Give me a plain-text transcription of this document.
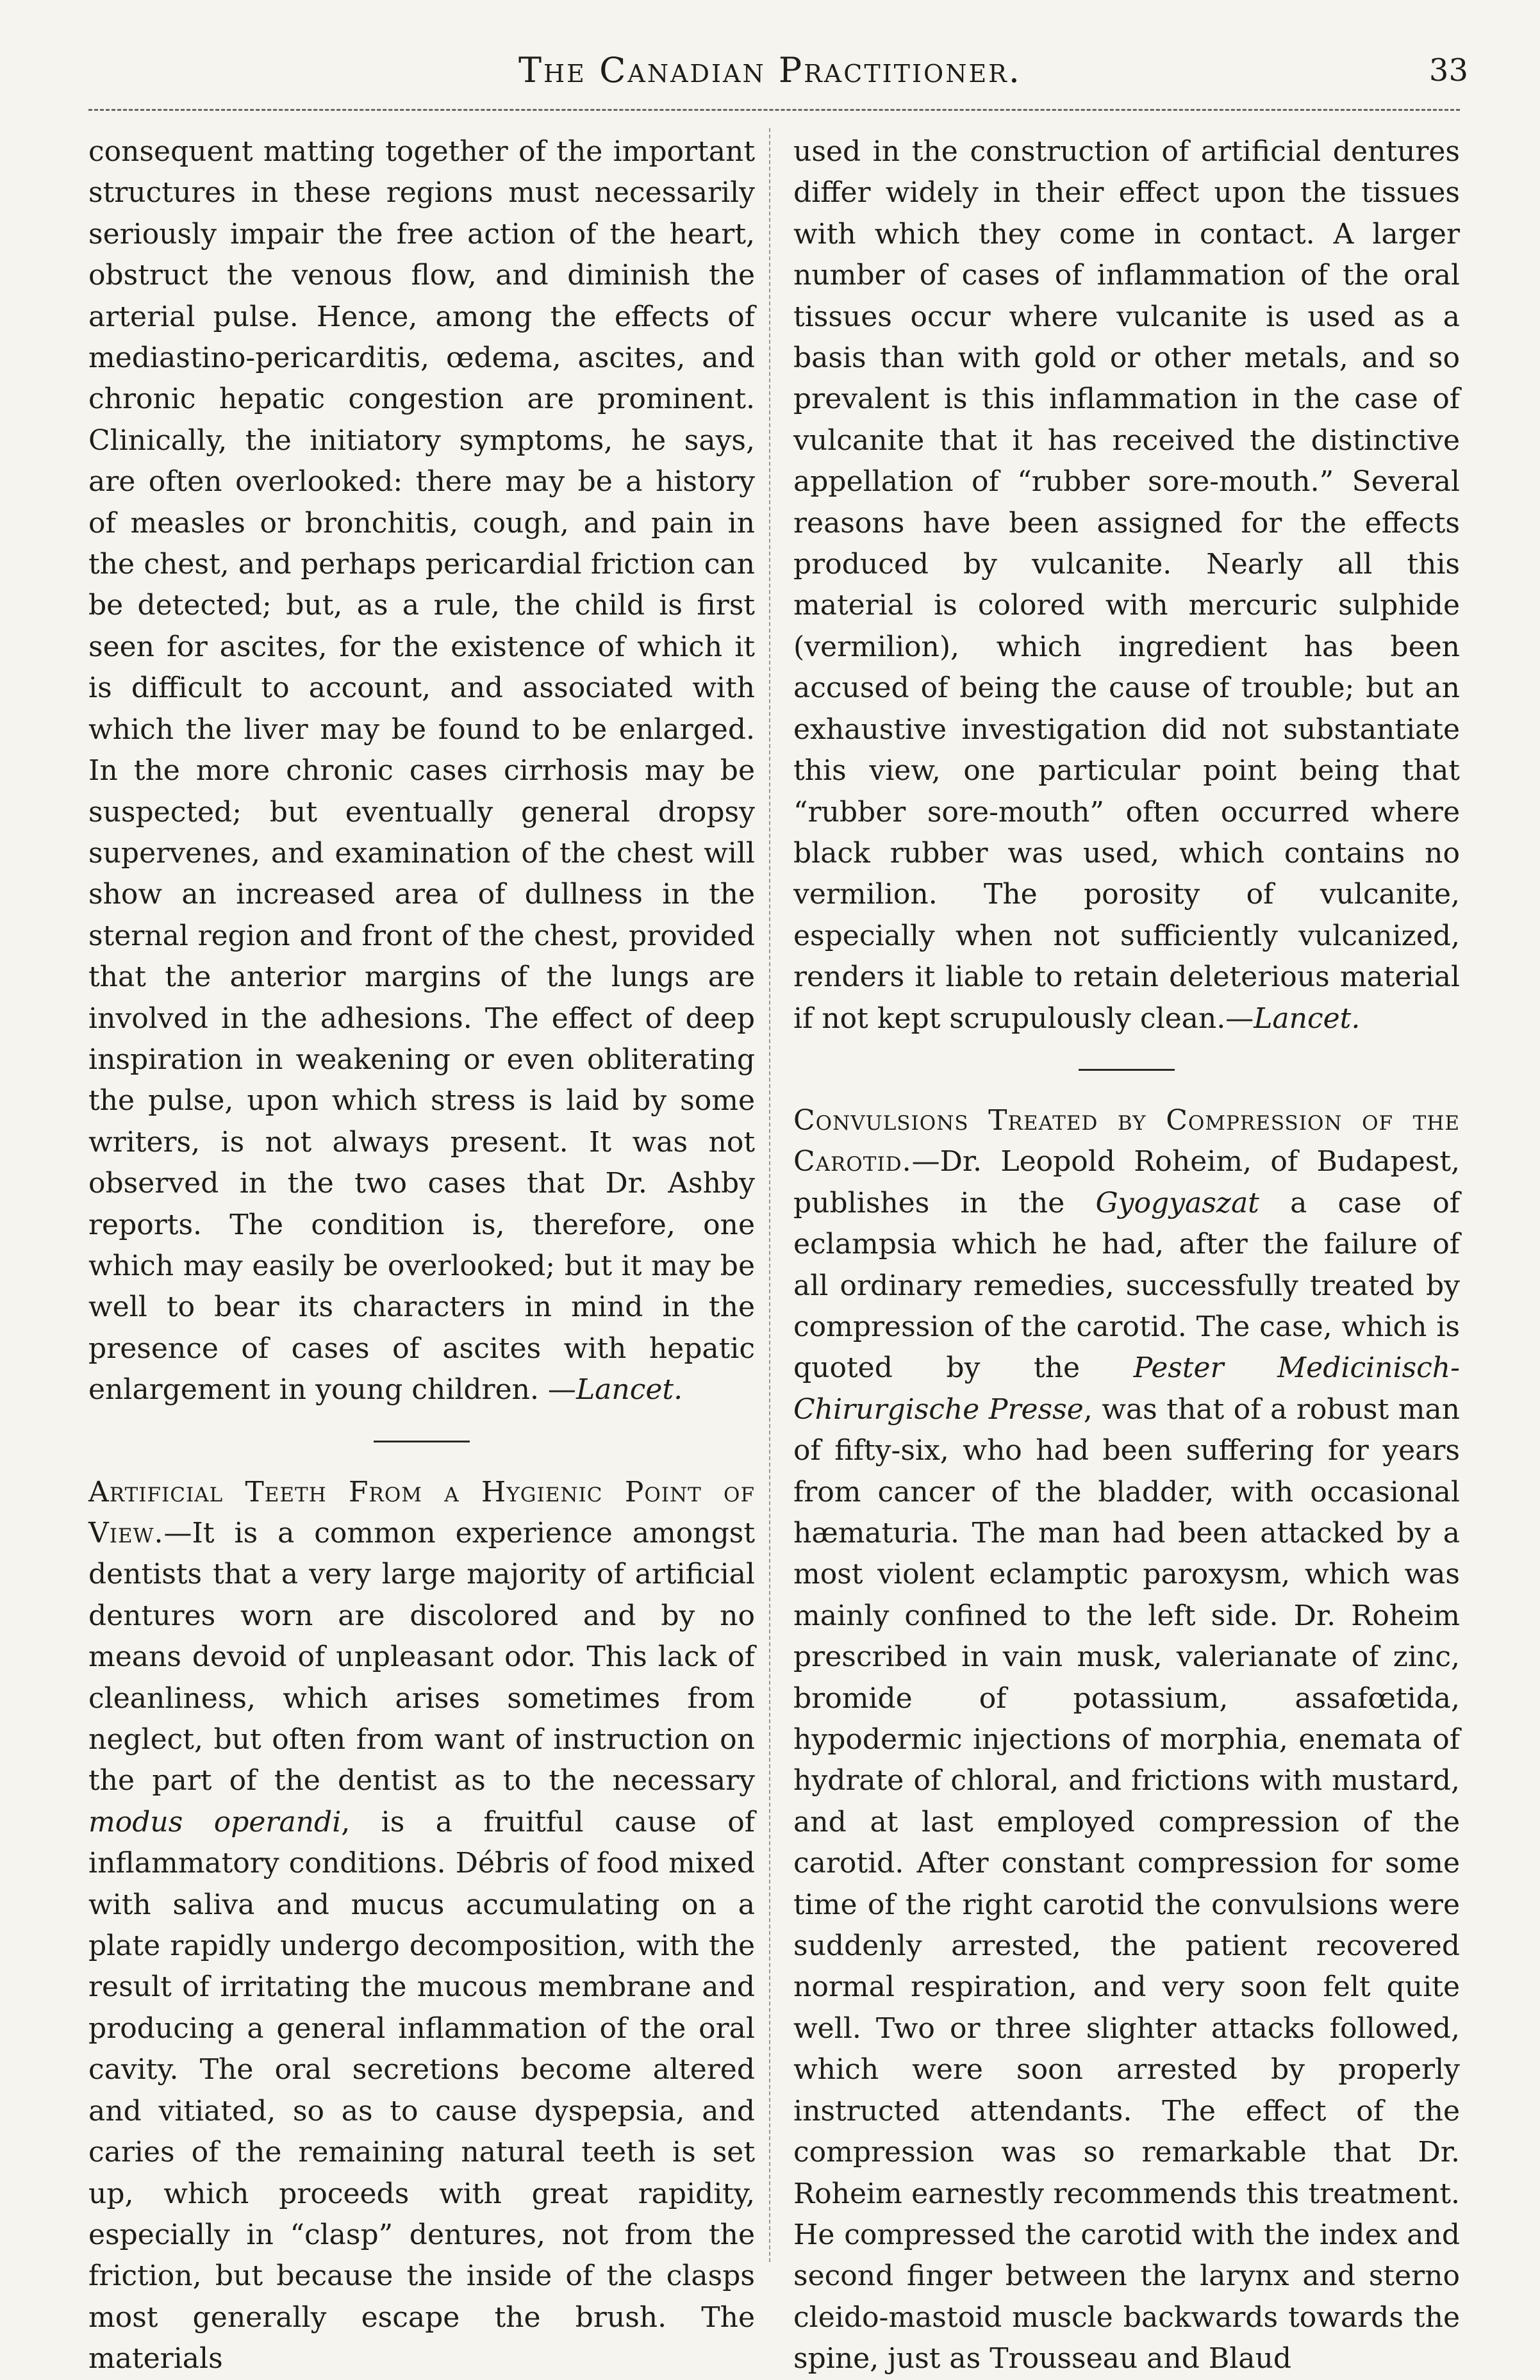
The Canadian Practitioner.	33

consequent matting together of the important structures in these regions must necessarily seriously impair the free action of the heart, obstruct the venous flow, and diminish the arterial pulse. Hence, among the effects of mediastino-pericarditis, œdema, ascites, and chronic hepatic congestion are prominent. Clinically, the initiatory symptoms, he says, are often overlooked: there may be a history of measles or bronchitis, cough, and pain in the chest, and perhaps pericardial friction can be detected; but, as a rule, the child is first seen for ascites, for the existence of which it is difficult to account, and associated with which the liver may be found to be enlarged. In the more chronic cases cirrhosis may be suspected; but eventually general dropsy supervenes, and examination of the chest will show an increased area of dullness in the sternal region and front of the chest, provided that the anterior margins of the lungs are involved in the adhesions. The effect of deep inspiration in weakening or even obliterating the pulse, upon which stress is laid by some writers, is not always present. It was not observed in the two cases that Dr. Ashby reports. The condition is, therefore, one which may easily be overlooked; but it may be well to bear its characters in mind in the presence of cases of ascites with hepatic enlargement in young children. —Lancet.

Artificial Teeth From a Hygienic Point of View.—It is a common experience amongst dentists that a very large majority of artificial dentures worn are discolored and by no means devoid of unpleasant odor. This lack of cleanliness, which arises sometimes from neglect, but often from want of instruction on the part of the dentist as to the necessary modus operandi, is a fruitful cause of inflammatory conditions. Débris of food mixed with saliva and mucus accumulating on a plate rapidly undergo decomposition, with the result of irritating the mucous membrane and producing a general inflammation of the oral cavity. The oral secretions become altered and vitiated, so as to cause dyspepsia, and caries of the remaining natural teeth is set up, which proceeds with great rapidity, especially in “clasp” dentures, not from the friction, but because the inside of the clasps most generally escape the brush. The materials

used in the construction of artificial dentures differ widely in their effect upon the tissues with which they come in contact. A larger number of cases of inflammation of the oral tissues occur where vulcanite is used as a basis than with gold or other metals, and so prevalent is this inflammation in the case of vulcanite that it has received the distinctive appellation of “rubber sore-mouth.” Several reasons have been assigned for the effects produced by vulcanite. Nearly all this material is colored with mercuric sulphide (vermilion), which ingredient has been accused of being the cause of trouble; but an exhaustive investigation did not substantiate this view, one particular point being that “rubber sore-mouth” often occurred where black rubber was used, which contains no vermilion. The porosity of vulcanite, especially when not sufficiently vulcanized, renders it liable to retain deleterious material if not kept scrupulously clean.—Lancet.

Convulsions Treated by Compression of the Carotid.—Dr. Leopold Roheim, of Budapest, publishes in the Gyogyaszat a case of eclampsia which he had, after the failure of all ordinary remedies, successfully treated by compression of the carotid. The case, which is quoted by the Pester Medicinisch-Chirurgische Presse, was that of a robust man of fifty-six, who had been suffering for years from cancer of the bladder, with occasional hæmaturia. The man had been attacked by a most violent eclamptic paroxysm, which was mainly confined to the left side. Dr. Roheim prescribed in vain musk, valerianate of zinc, bromide of potassium, assafœtida, hypodermic injections of morphia, enemata of hydrate of chloral, and frictions with mustard, and at last employed compression of the carotid. After constant compression for some time of the right carotid the convulsions were suddenly arrested, the patient recovered normal respiration, and very soon felt quite well. Two or three slighter attacks followed, which were soon arrested by properly instructed attendants. The effect of the compression was so remarkable that Dr. Roheim earnestly recommends this treatment. He compressed the carotid with the index and second finger between the larynx and sterno cleido-mastoid muscle backwards towards the spine, just as Trousseau and Blaud
